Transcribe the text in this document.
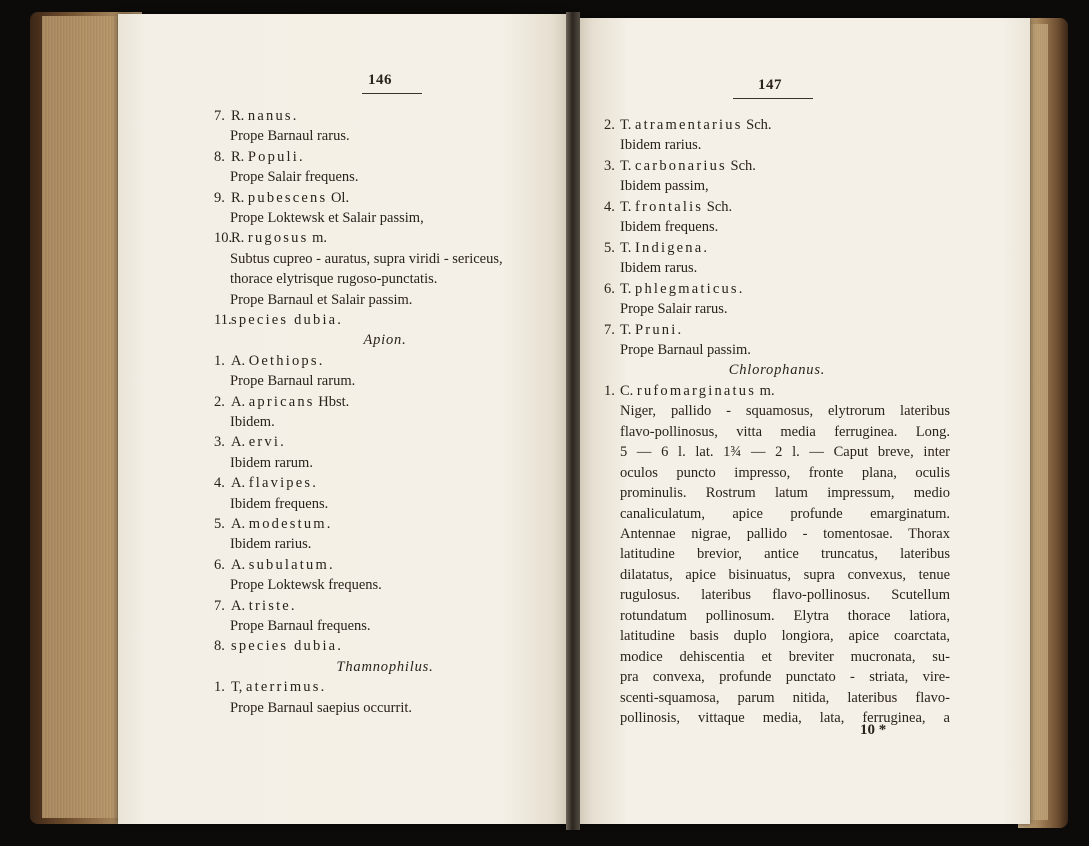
146	147
7. R. nanus.
Prope Barnaul rarus.
8. R. Populi.
Prope Salair frequens.
9. R. pubescens Ol.
Prope Loktewsk et Salair passim,
10.R. rugosus m.
Subtus cupreo - auratus, supra viridi - sericeus,
thorace elytrisque rugoso-punctatis.
Prope Barnaul et Salair passim.
11.species dubia.
Apion.
1. A. Oethiops.
Prope Barnaul rarum.
2. A. apricans Hbst.
Ibidem.
3. A. ervi.
Ibidem rarum.
4. A. flavipes.
Ibidem frequens.
5. A. modestum.
Ibidem rarius.
6. A. subulatum.
Prope Loktewsk frequens.
7. A. triste.
Prope Barnaul frequens.
8. species dubia.
Thamnophilus.
1. T, aterrimus.
Prope Barnaul saepius occurrit.
2. T. atramentarius Sch.
Ibidem rarius.
3. T. carbonarius Sch.
Ibidem passim,
4. T. frontalis Sch.
Ibidem frequens.
5. T. Indigena.
Ibidem rarus.
6. T. phlegmaticus.
Prope Salair rarus.
7. T. Pruni.
Prope Barnaul passim.
Chlorophanus.
1. C. rufomarginatus m.
Niger, pallido - squamosus, elytrorum lateribus
flavo-pollinosus, vitta media ferruginea. Long.
5 — 6 l. lat. 1¾ — 2 l. — Caput breve, inter
oculos puncto impresso, fronte plana, oculis
prominulis. Rostrum latum impressum, medio
canaliculatum, apice profunde emarginatum.
Antennae nigrae, pallido - tomentosae. Thorax
latitudine brevior, antice truncatus, lateribus
dilatatus, apice bisinuatus, supra convexus, tenue
rugulosus. lateribus flavo-pollinosus. Scutellum
rotundatum pollinosum. Elytra thorace latiora,
latitudine basis duplo longiora, apice coarctata,
modice dehiscentia et breviter mucronata, su-
pra convexa, profunde punctato - striata, vire-
scenti-squamosa, parum nitida, lateribus flavo-
pollinosis, vittaque media, lata, ferruginea, a
10 *
